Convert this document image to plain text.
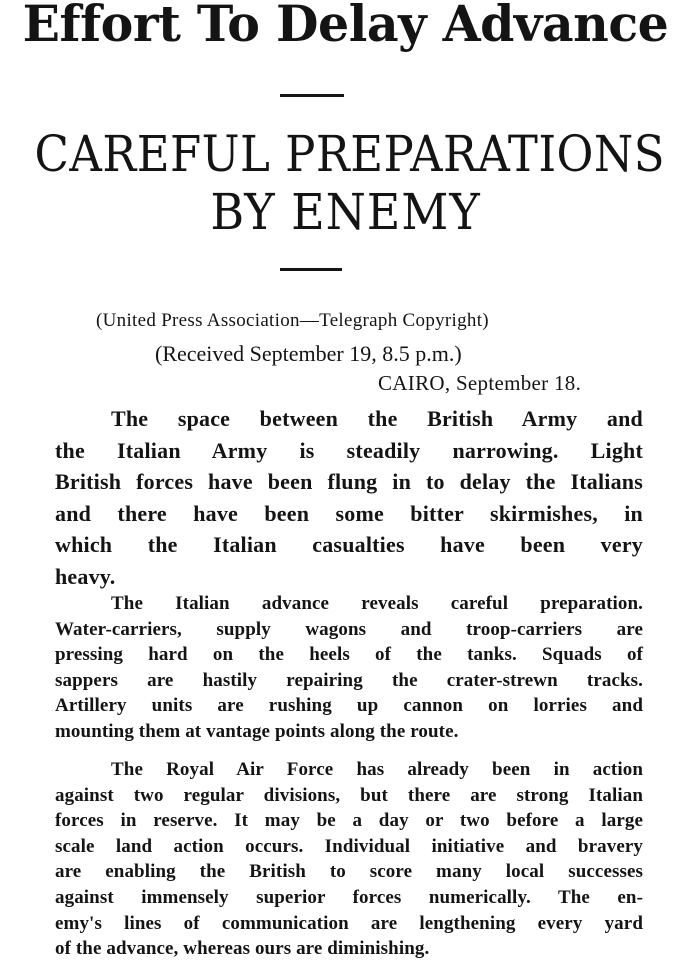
Effort To Delay Advance
CAREFUL PREPARATIONS
BY ENEMY
(United Press Association—Telegraph Copyright)
(Received September 19, 8.5 p.m.)
CAIRO, September 18.

The space between the British Army and
the Italian Army is steadily narrowing. Light
British forces have been flung in to delay the Italians
and there have been some bitter skirmishes, in
which the Italian casualties have been very
heavy.

The Italian advance reveals careful preparation.
Water-carriers, supply wagons and troop-carriers are
pressing hard on the heels of the tanks. Squads of
sappers are hastily repairing the crater-strewn tracks.
Artillery units are rushing up cannon on lorries and
mounting them at vantage points along the route.

The Royal Air Force has already been in action
against two regular divisions, but there are strong Italian
forces in reserve. It may be a day or two before a large
scale land action occurs. Individual initiative and bravery
are enabling the British to score many local successes
against immensely superior forces numerically. The en-
emy's lines of communication are lengthening every yard
of the advance, whereas ours are diminishing.
